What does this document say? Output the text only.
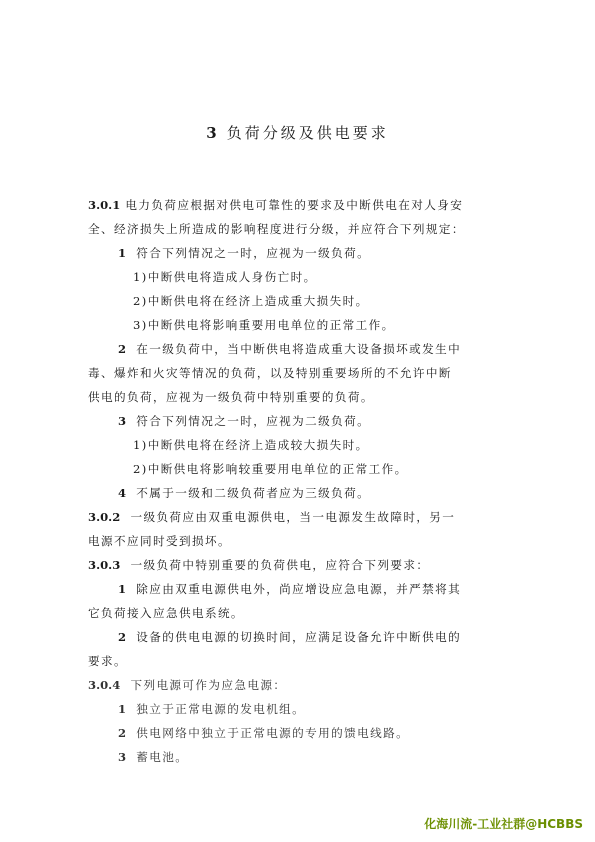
3 负荷分级及供电要求
3.0.1 电力负荷应根据对供电可靠性的要求及中断供电在对人身安
全、经济损失上所造成的影响程度进行分级，并应符合下列规定：
1 符合下列情况之一时，应视为一级负荷。
1)中断供电将造成人身伤亡时。
2)中断供电将在经济上造成重大损失时。
3)中断供电将影响重要用电单位的正常工作。
2 在一级负荷中，当中断供电将造成重大设备损坏或发生中
毒、爆炸和火灾等情况的负荷，以及特别重要场所的不允许中断
供电的负荷，应视为一级负荷中特别重要的负荷。
3 符合下列情况之一时，应视为二级负荷。
1)中断供电将在经济上造成较大损失时。
2)中断供电将影响较重要用电单位的正常工作。
4 不属于一级和二级负荷者应为三级负荷。
3.0.2 一级负荷应由双重电源供电，当一电源发生故障时，另一
电源不应同时受到损坏。
3.0.3 一级负荷中特别重要的负荷供电，应符合下列要求：
1 除应由双重电源供电外，尚应增设应急电源，并严禁将其
它负荷接入应急供电系统。
2 设备的供电电源的切换时间，应满足设备允许中断供电的
要求。
3.0.4 下列电源可作为应急电源：
1 独立于正常电源的发电机组。
2 供电网络中独立于正常电源的专用的馈电线路。
3 蓄电池。
化海川流-工业社群@HCBBS
